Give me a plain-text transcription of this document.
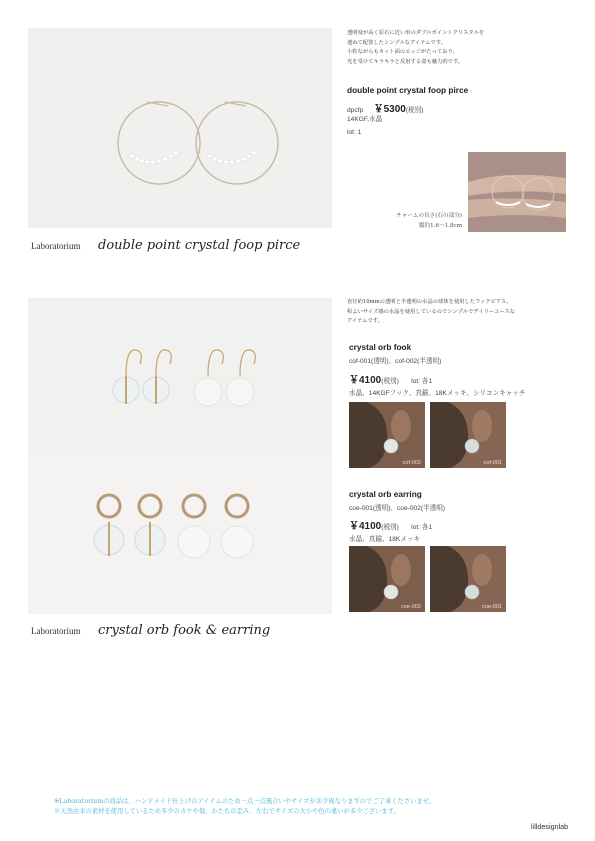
透明度が高く原石に近い形のダブルポイントクリスタルを
連ねて配置したシンプルなアイテムです。
小粒ながらもカット面のエッジがたっており、
光を受けてキラキラと反射する姿も魅力的です。
double point crystal foop pirce
dpcfp ￥5300(税別)
14KGF,水晶
lot: 1
チャームの長さ(石の部分)
縦約1.6～1.8cm
Laboratorium double point crystal foop pirce
直径約10mmの透明と半透明の水晶の球体を使用したフックピアス。
程よいサイズ感の水晶を使用しているのでシンプルでデイリーユースな
アイテムです。
crystal orb fook
cof-001(透明)、cof-002(半透明)
￥4100(税別) lot: 各1
水晶、14KGFフック、真鍮、18Kメッキ、シリコンキャッチ
cof-002	cof-001
crystal orb earring
coe-001(透明)、coe-002(半透明)
￥4100(税別) lot: 各1
水晶、真鍮、18Kメッキ
coe-002	coe-001
Laboratorium crystal orb fook & earring
※Laboratoriumの商品は、ハンドメイド仕上げのアイテムのため一点一点風合いやサイズが多少異なりますのでご了承くださいませ。
※天然由来の素材を使用しているため多少のカケや傷、かたちの歪み、左右でサイズの大小や色の違いが多少ございます。
lilldesignlab
